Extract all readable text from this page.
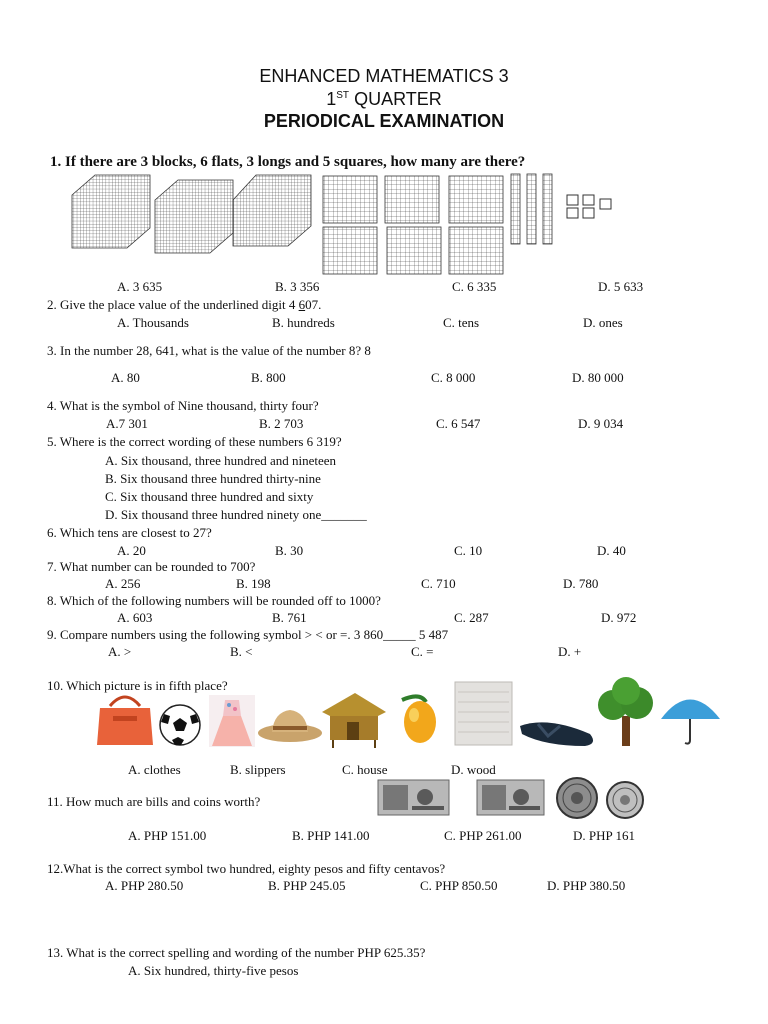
ENHANCED MATHEMATICS 3
1ST QUARTER
PERIODICAL EXAMINATION
1. If there are 3 blocks, 6 flats, 3 longs and 5 squares, how many are there?
A. 3 635	B. 3 356	C. 6 335	D. 5 633
2. Give the place value of the underlined digit 4 607.
A. Thousands	B. hundreds	C. tens	D. ones
3. In the number 28, 641, what is the value of the number 8? 8
A. 80	B. 800	C. 8 000	D. 80 000
4. What is the symbol of Nine thousand, thirty four?
A.7 301	B. 2 703	C. 6 547	D. 9 034
5. Where is the correct wording of these numbers 6 319?
A. Six thousand, three hundred and nineteen
B. Six thousand three hundred thirty-nine
C. Six thousand three hundred and sixty
D. Six thousand three hundred ninety one_______
6. Which tens are closest to 27?
A. 20	B. 30	C. 10	D. 40
7. What number can be rounded to 700?
A. 256	B. 198	C. 710	D. 780
8. Which of the following numbers will be rounded off to 1000?
A. 603	B. 761	C. 287	D. 972
9. Compare numbers using the following symbol > < or =. 3 860_____ 5 487
A. >	B. <	C. =	D. +
10. Which picture is in fifth place?
A. clothes	B. slippers	C. house	D. wood
11. How much are bills and coins worth?
A. PHP 151.00	B. PHP 141.00	C. PHP 261.00	D. PHP 161
12.What is the correct symbol two hundred, eighty pesos and fifty centavos?
A. PHP 280.50	B. PHP 245.05	C. PHP 850.50	D. PHP 380.50
13. What is the correct spelling and wording of the number PHP 625.35?
A. Six hundred, thirty-five pesos
